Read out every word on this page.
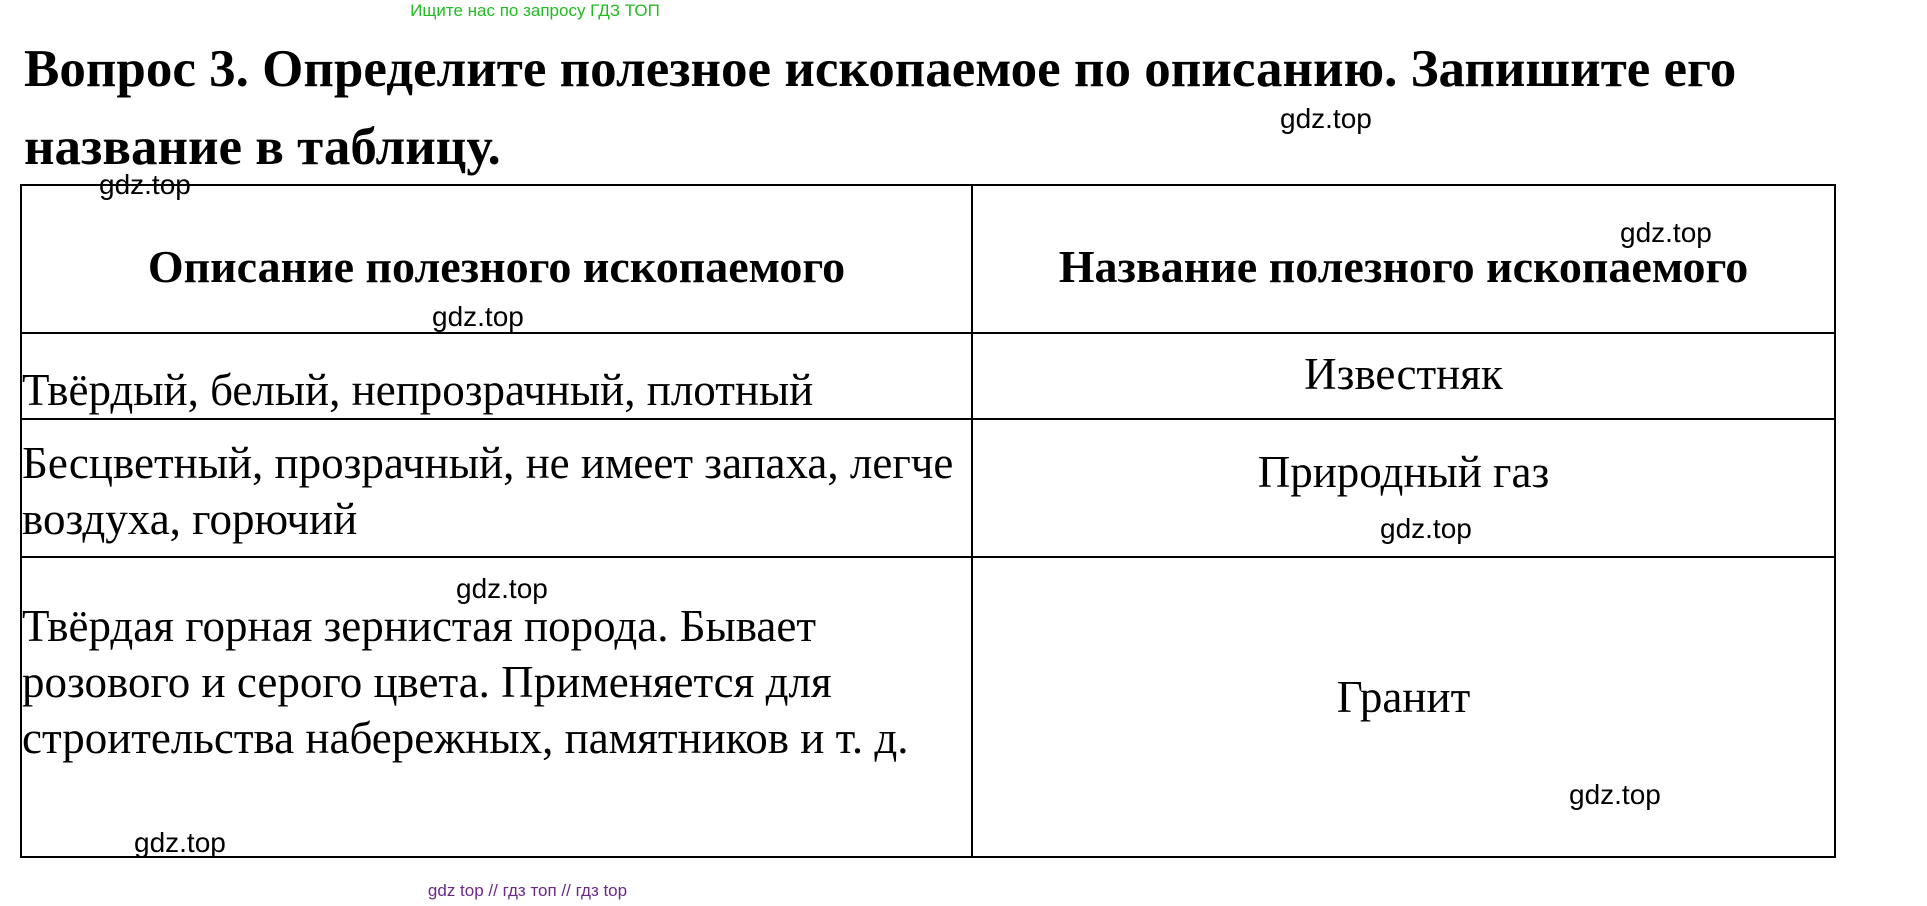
Ищите нас по запросу ГДЗ ТОП
Вопрос 3. Определите полезное ископаемое по описанию. Запишите его название в таблицу.
Описание полезного ископаемого	Название полезного ископаемого
Твёрдый, белый, непрозрачный, плотный	Известняк
Бесцветный, прозрачный, не имеет запаха, легче воздуха, горючий	Природный газ
Твёрдая горная зернистая порода. Бывает розового и серого цвета. Применяется для строительства набережных, памятников и т. д.	Гранит
gdz.top
gdz.top
gdz.top
gdz.top
gdz.top
gdz.top
gdz.top
gdz.top
gdz top // гдз топ // гдз top
